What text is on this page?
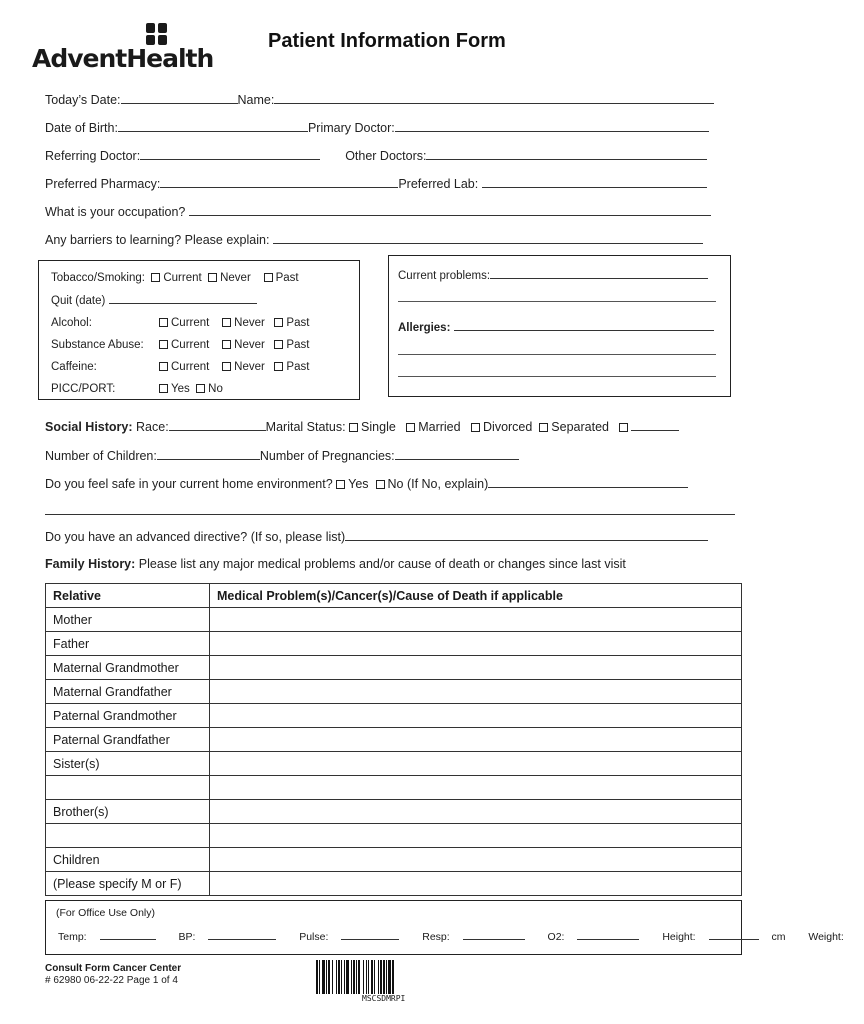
AdventHealth
Patient Information Form
Today’s Date:	Name:
Date of Birth:	Primary Doctor:
Referring Doctor:	Other Doctors:
Preferred Pharmacy:	Preferred Lab:
What is your occupation?
Any barriers to learning? Please explain:
Tobacco/Smoking: Current Never Past
Quit (date)
Alcohol:	Current Never Past
Substance Abuse:	Current Never Past
Caffeine:	Current Never Past
PICC/PORT:	Yes No
Current problems:
Allergies:
Social History: Race:	Marital Status: Single Married Divorced Separated
Number of Children:	Number of Pregnancies:
Do you feel safe in your current home environment? Yes No (If No, explain)
Do you have an advanced directive? (If so, please list)
Family History: Please list any major medical problems and/or cause of death or changes since last visit
Relative	Medical Problem(s)/Cancer(s)/Cause of Death if applicable
Mother	
Father	
Maternal Grandmother	
Maternal Grandfather	
Paternal Grandmother	
Paternal Grandfather	
Sister(s)	

Brother(s)	

Children	
(Please specify M or F)	
(For Office Use Only)
Temp:	BP:	Pulse:	Resp:	O2:	Height:	cm Weight:
Consult Form Cancer Center
# 62980 06-22-22 Page 1 of 4
MSCSDMRPI
